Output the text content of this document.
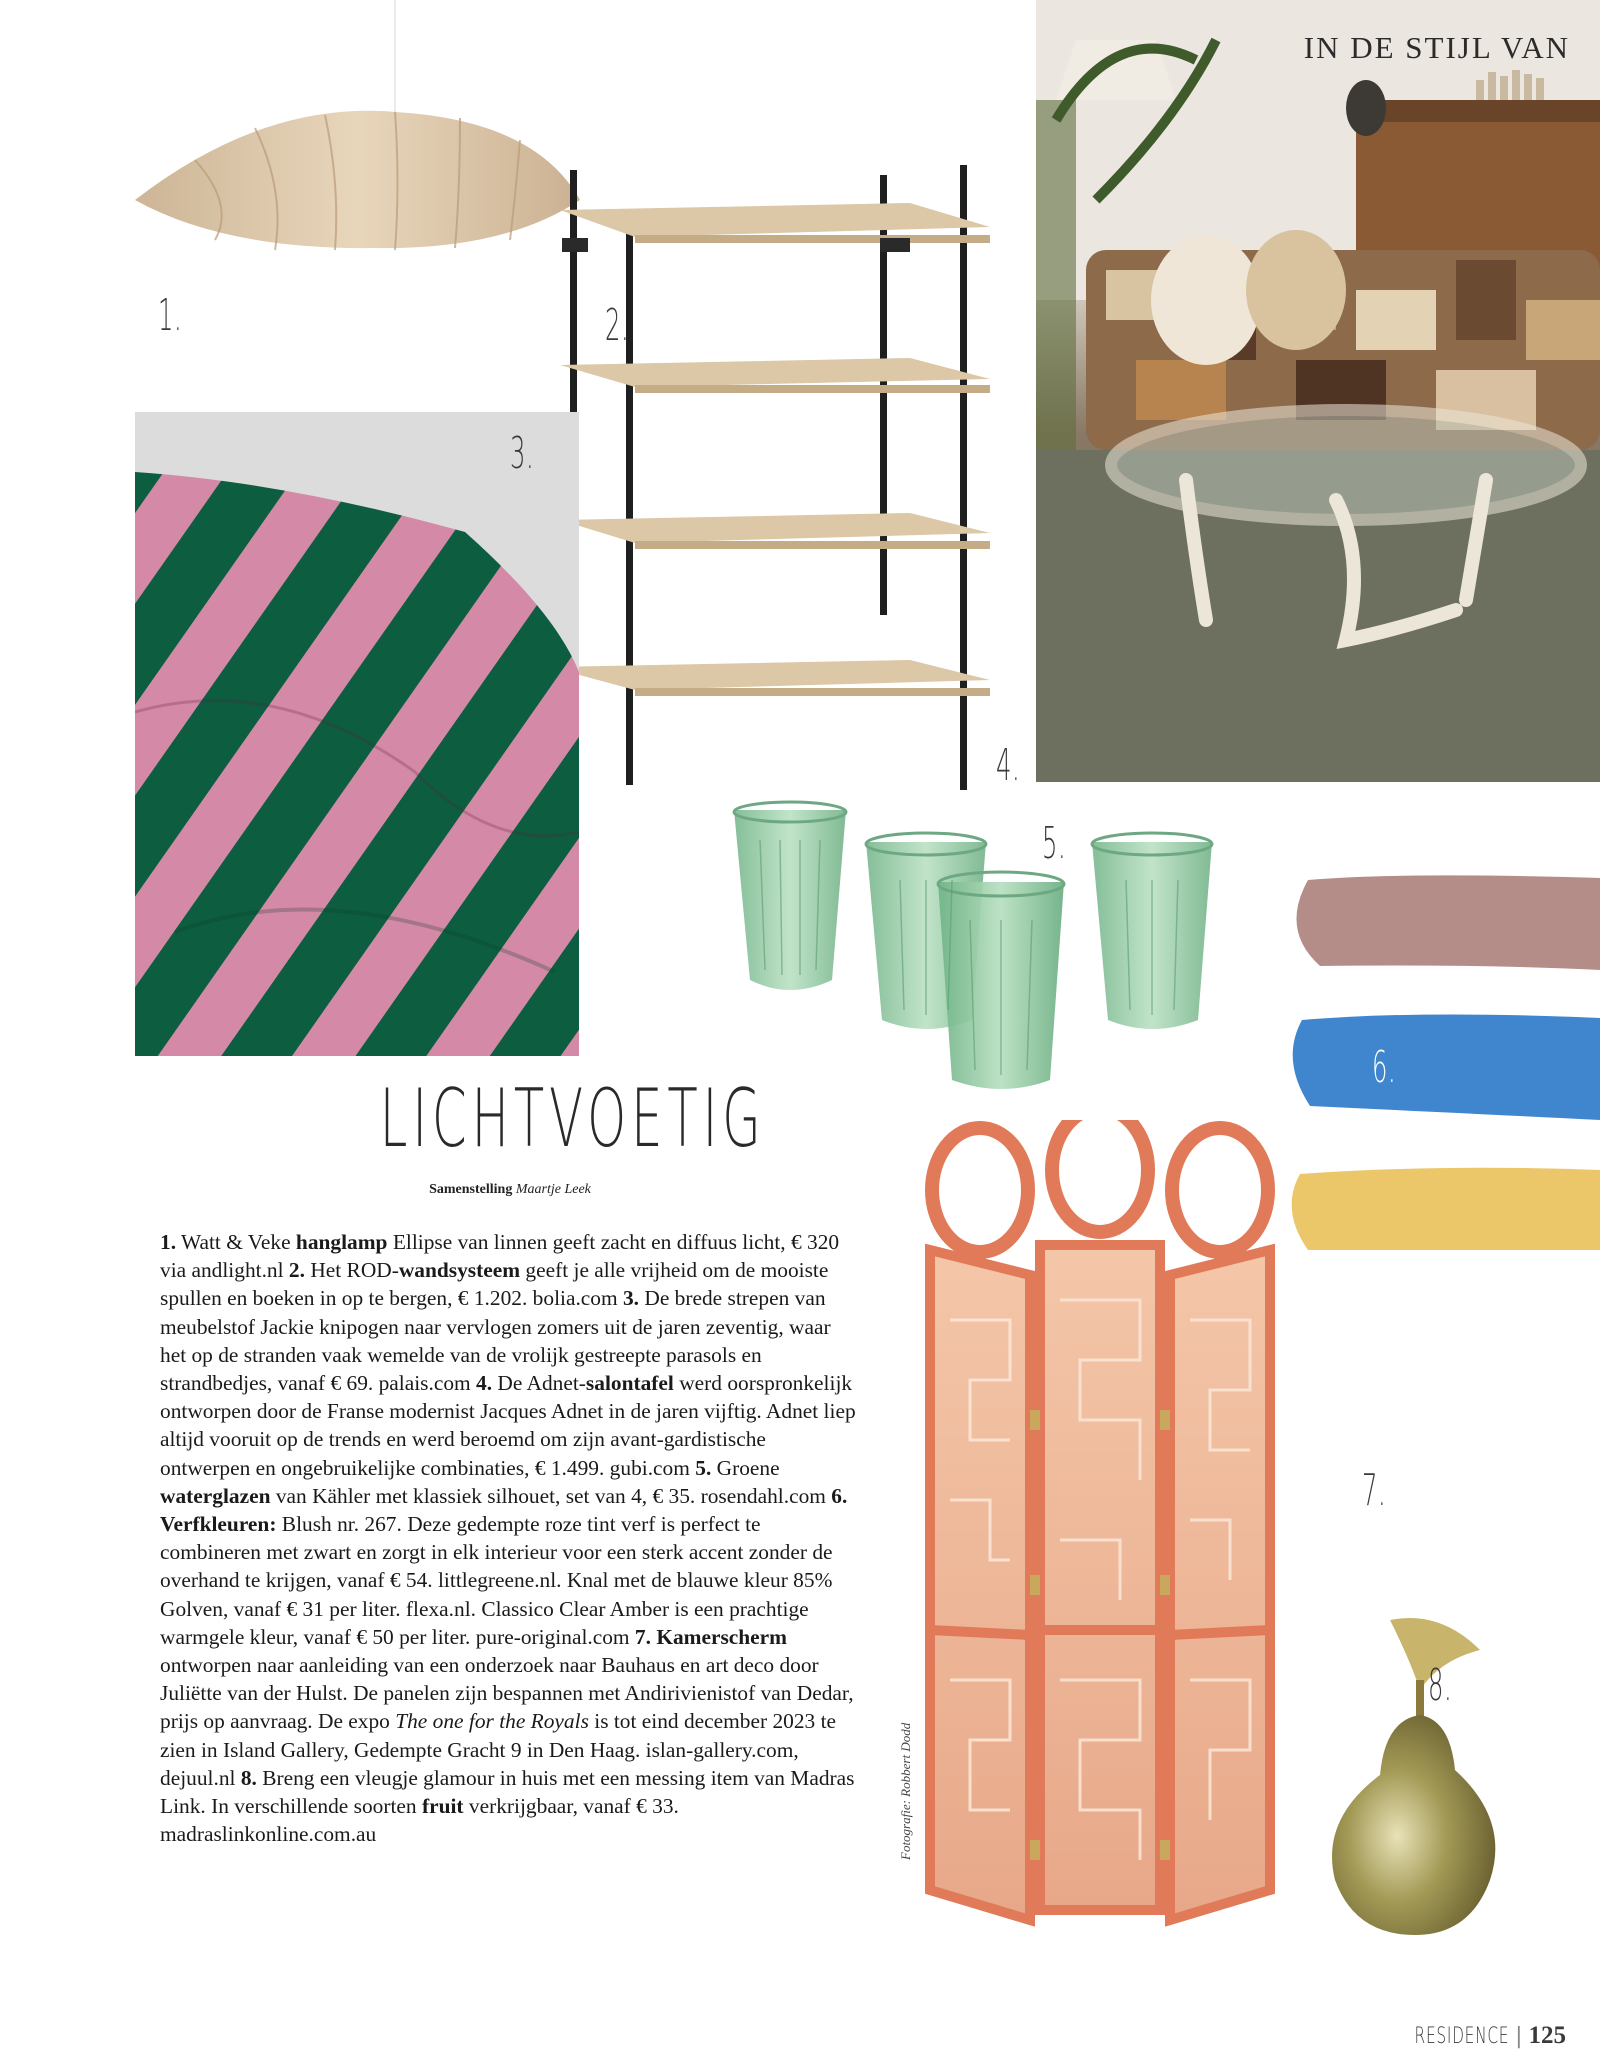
1.	2.
3.
IN DE STIJL VAN
4.
5.
6.
7.
8.
LICHTVOETIG
Samenstelling Maartje Leek
1. Watt & Veke hanglamp Ellipse van linnen geeft zacht en diffuus licht, € 320 via andlight.nl 2. Het ROD-wandsysteem geeft je alle vrijheid om de mooiste spullen en boeken in op te bergen, € 1.202. bolia.com 3. De brede strepen van meubelstof Jackie knipogen naar vervlogen zomers uit de jaren zeventig, waar het op de stranden vaak wemelde van de vrolijk gestreepte parasols en strandbedjes, vanaf € 69. palais.com 4. De Adnet-salontafel werd oorspronkelijk ontworpen door de Franse modernist Jacques Adnet in de jaren vijftig. Adnet liep altijd vooruit op de trends en werd beroemd om zijn avant-gardistische ontwerpen en ongebruikelijke combinaties, € 1.499. gubi.com 5. Groene waterglazen van Kähler met klassiek silhouet, set van 4, € 35. rosendahl.com 6. Verfkleuren: Blush nr. 267. Deze gedempte roze tint verf is perfect te combineren met zwart en zorgt in elk interieur voor een sterk accent zonder de overhand te krijgen, vanaf € 54. littlegreene.nl. Knal met de blauwe kleur 85% Golven, vanaf € 31 per liter. flexa.nl. Classico Clear Amber is een prachtige warmgele kleur, vanaf € 50 per liter. pure-original.com 7. Kamerscherm ontworpen naar aanleiding van een onderzoek naar Bauhaus en art deco door Juliëtte van der Hulst. De panelen zijn bespannen met Andirivienistof van Dedar, prijs op aanvraag. De expo The one for the Royals is tot eind december 2023 te zien in Island Gallery, Gedempte Gracht 9 in Den Haag. islan-gallery.com, dejuul.nl 8. Breng een vleugje glamour in huis met een messing item van Madras Link. In verschillende soorten fruit verkrijgbaar, vanaf € 33. madraslinkonline.com.au	Fotografie: Robbert Dodd
RESIDENCE | 125
